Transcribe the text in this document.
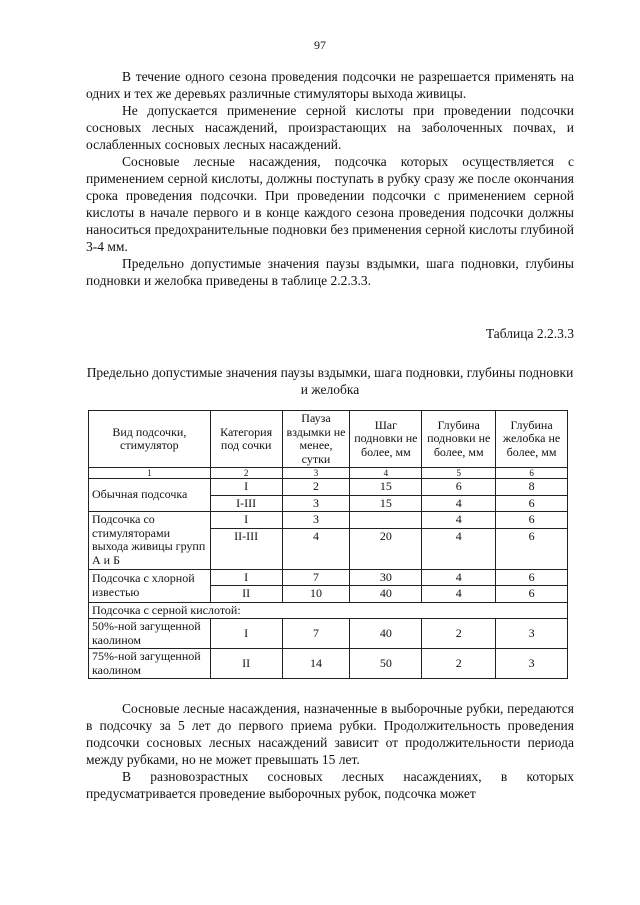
97

В течение одного сезона проведения подсочки не разрешается применять на одних и тех же деревьях различные стимуляторы выхода живицы.

Не допускается применение серной кислоты при проведении подсочки сосновых лесных насаждений, произрастающих на заболоченных почвах, и ослабленных сосновых лесных насаждений.

Сосновые лесные насаждения, подсочка которых осуществляется с применением серной кислоты, должны поступать в рубку сразу же после окончания срока проведения подсочки. При проведении подсочки с применением серной кислоты в начале первого и в конце каждого сезона проведения подсочки должны наноситься предохранительные подновки без применения серной кислоты глубиной 3-4 мм.

Предельно допустимые значения паузы вздымки, шага подновки, глубины подновки и желобка приведены в таблице 2.2.3.3.

Таблица 2.2.3.3
Предельно допустимые значения паузы вздымки, шага подновки, глубины подновки и желобка
Вид подсочки, стимулятор	Категория под сочки	Пауза вздымки не менее, сутки	Шаг подновки не более, мм	Глубина подновки не более, мм	Глубина желобка не более, мм
1	2	3	4	5	6
Обычная подсочка	I	2	15	6	8
	I-III	3	15	4	6
Подсочка со стимуляторами выхода живицы групп А и Б	I	3		4	6
	II-III	4	20	4	6
Подсочка с хлорной известью	I	7	30	4	6
	II	10	40	4	6
Подсочка с серной кислотой:					
50%-ной загущенной каолином	I	7	40	2	3
75%-ной загущенной каолином	II	14	50	2	3

Сосновые лесные насаждения, назначенные в выборочные рубки, передаются в подсочку за 5 лет до первого приема рубки. Продолжительность проведения подсочки сосновых лесных насаждений зависит от продолжительности периода между рубками, но не может превышать 15 лет.

В разновозрастных сосновых лесных насаждениях, в которых предусматривается проведение выборочных рубок, подсочка может
